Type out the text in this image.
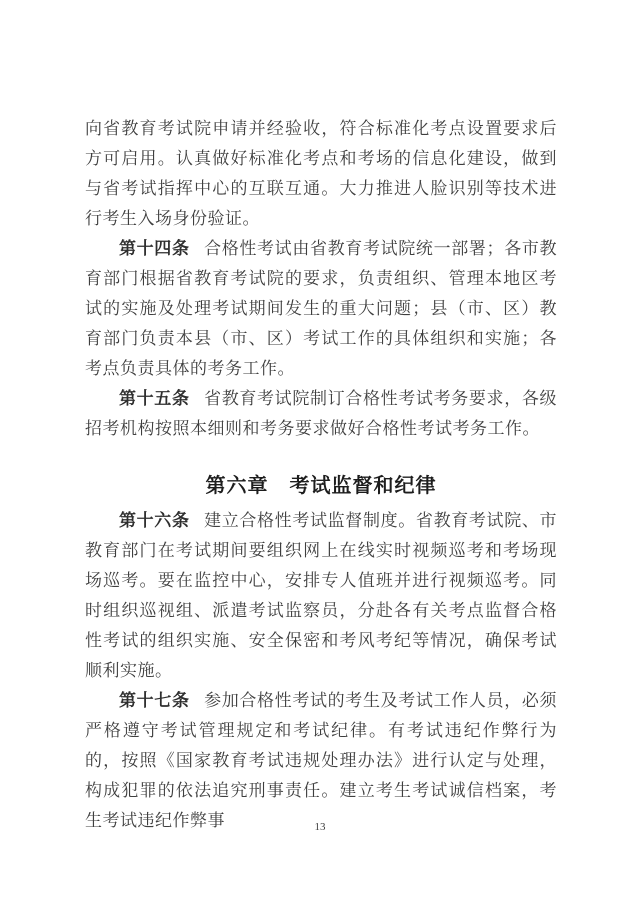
向省教育考试院申请并经验收，符合标准化考点设置要求后方可启用。认真做好标准化考点和考场的信息化建设，做到与省考试指挥中心的互联互通。大力推进人脸识别等技术进行考生入场身份验证。

第十四条 合格性考试由省教育考试院统一部署；各市教育部门根据省教育考试院的要求，负责组织、管理本地区考试的实施及处理考试期间发生的重大问题；县（市、区）教育部门负责本县（市、区）考试工作的具体组织和实施；各考点负责具体的考务工作。

第十五条 省教育考试院制订合格性考试考务要求，各级招考机构按照本细则和考务要求做好合格性考试考务工作。

第六章　考试监督和纪律

第十六条 建立合格性考试监督制度。省教育考试院、市教育部门在考试期间要组织网上在线实时视频巡考和考场现场巡考。要在监控中心，安排专人值班并进行视频巡考。同时组织巡视组、派遣考试监察员，分赴各有关考点监督合格性考试的组织实施、安全保密和考风考纪等情况，确保考试顺利实施。

第十七条 参加合格性考试的考生及考试工作人员，必须严格遵守考试管理规定和考试纪律。有考试违纪作弊行为的，按照《国家教育考试违规处理办法》进行认定与处理，构成犯罪的依法追究刑事责任。建立考生考试诚信档案，考生考试违纪作弊事	13
